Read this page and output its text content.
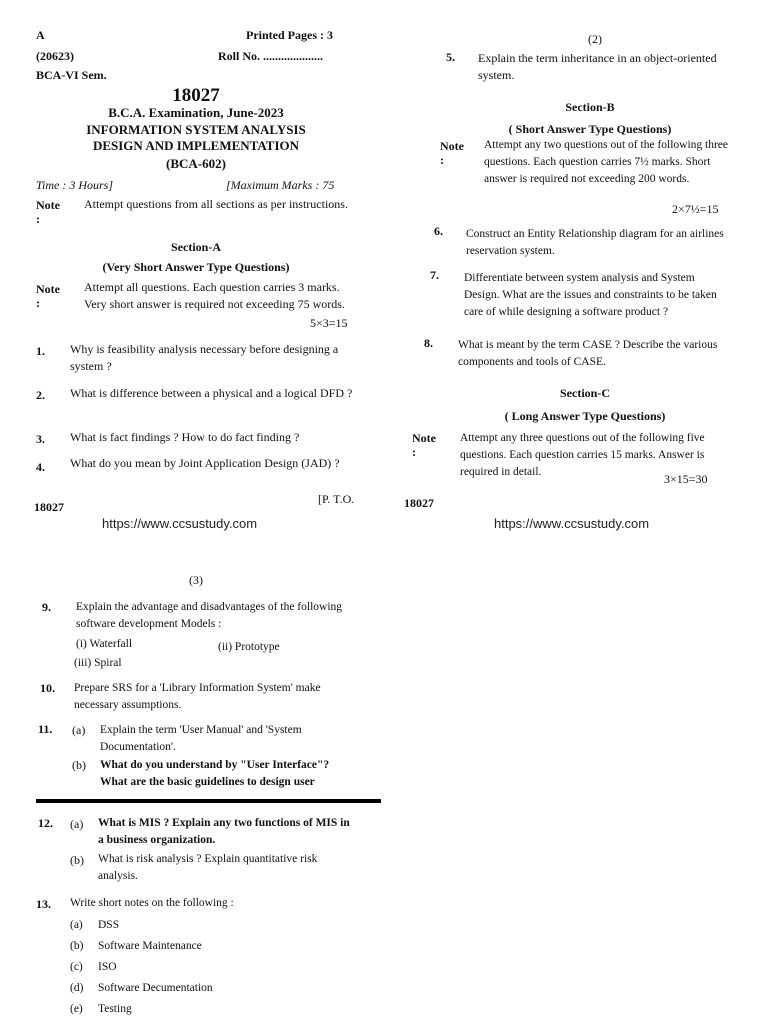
A	Printed Pages : 3
(20623)	Roll No. ....................
BCA-VI Sem.
18027
B.C.A. Examination, June-2023
INFORMATION SYSTEM ANALYSIS
DESIGN AND IMPLEMENTATION
(BCA-602)
Time : 3 Hours]	[Maximum Marks : 75
Note :
Attempt questions from all sections as per instructions.
Section-A
(Very Short Answer Type Questions)
Note :
Attempt all questions. Each question carries 3 marks. Very short answer is required not exceeding 75 words.
5×3=15
1. Why is feasibility analysis necessary before designing a system ?
2. What is difference between a physical and a logical DFD ?
3. What is fact findings ? How to do fact finding ?
4. What do you mean by Joint Application Design (JAD) ?
18027
[P. T.O.
https://www.ccsustudy.com
(2)
5. Explain the term inheritance in an object-oriented system.
Section-B
( Short Answer Type Questions)
Note :
Attempt any two questions out of the following three questions. Each question carries 7½ marks. Short answer is required not exceeding 200 words.
2×7½=15
6. Construct an Entity Relationship diagram for an airlines reservation system.
7. Differentiate between system analysis and System Design. What are the issues and constraints to be taken care of while designing a software product ?
8. What is meant by the term CASE ? Describe the various components and tools of CASE.
Section-C
( Long Answer Type Questions)
Note :
Attempt any three questions out of the following five questions. Each question carries 15 marks. Answer is required in detail.	3×15=30
18027
https://www.ccsustudy.com
(3)
9. Explain the advantage and disadvantages of the following software development Models :
(i) Waterfall	(ii) Prototype
(iii) Spiral
10. Prepare SRS for a 'Library Information System' make necessary assumptions.
11. (a) Explain the term 'User Manual' and 'System Documentation'.
(b) What do you understand by "User Interface"? What are the basic guidelines to design user
12. (a) What is MIS ? Explain any two functions of MIS in a business organization.
(b) What is risk analysis ? Explain quantitative risk analysis.
13. Write short notes on the following :
(a) DSS
(b) Software Maintenance
(c) ISO
(d) Software Decumentation
(e) Testing
